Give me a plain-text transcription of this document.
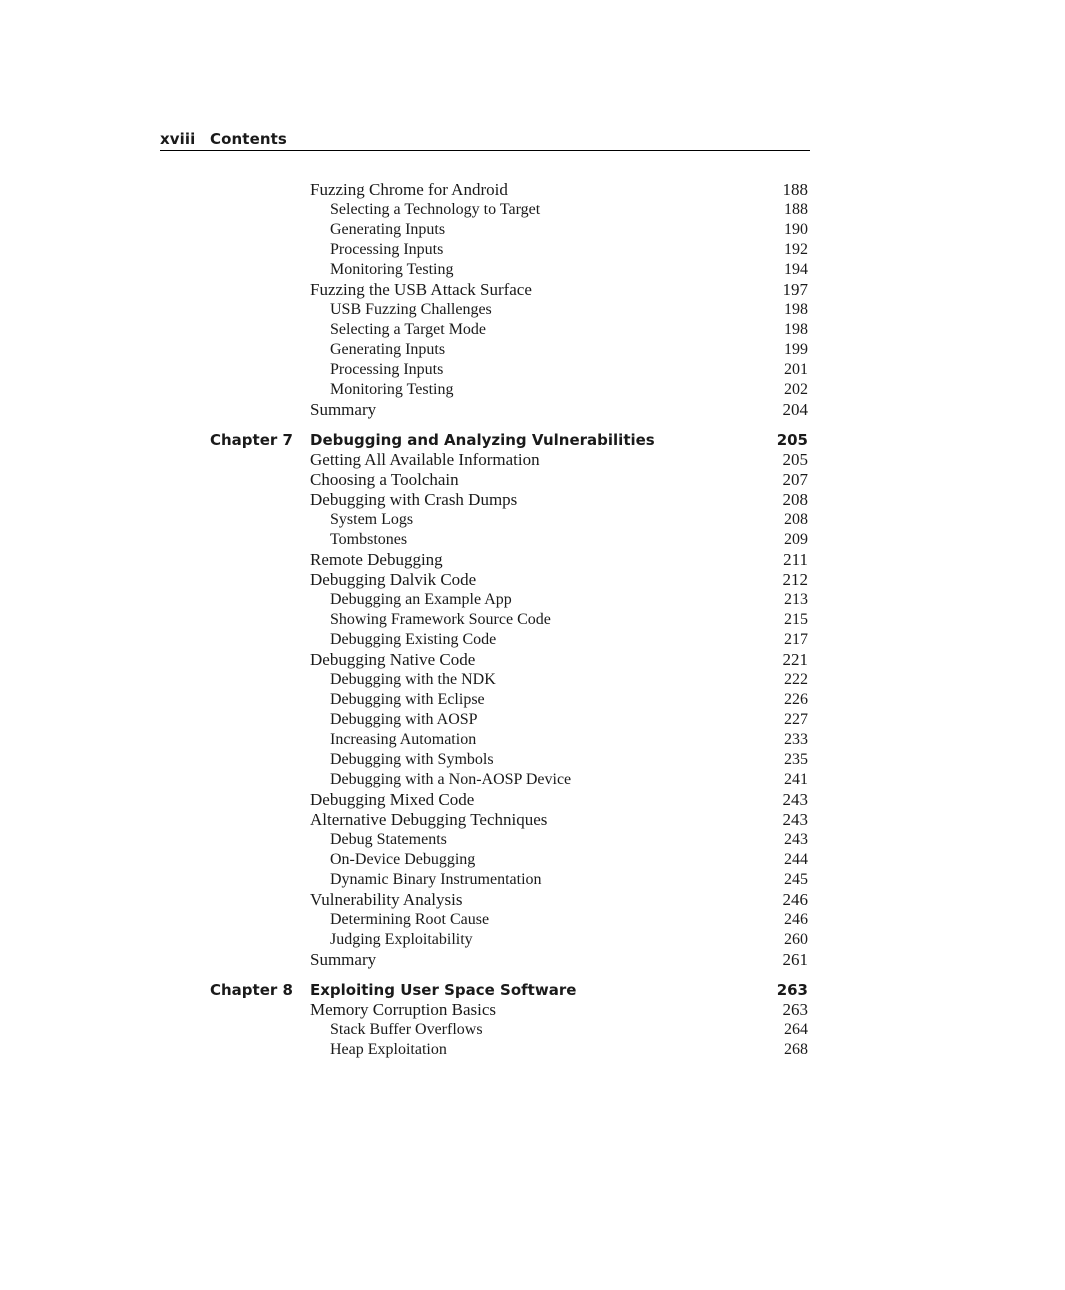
xviii Contents
Fuzzing Chrome for Android	188
Selecting a Technology to Target	188
Generating Inputs	190
Processing Inputs	192
Monitoring Testing	194
Fuzzing the USB Attack Surface	197
USB Fuzzing Challenges	198
Selecting a Target Mode	198
Generating Inputs	199
Processing Inputs	201
Monitoring Testing	202
Summary	204
Chapter 7 Debugging and Analyzing Vulnerabilities	205
Getting All Available Information	205
Choosing a Toolchain	207
Debugging with Crash Dumps	208
System Logs	208
Tombstones	209
Remote Debugging	211
Debugging Dalvik Code	212
Debugging an Example App	213
Showing Framework Source Code	215
Debugging Existing Code	217
Debugging Native Code	221
Debugging with the NDK	222
Debugging with Eclipse	226
Debugging with AOSP	227
Increasing Automation	233
Debugging with Symbols	235
Debugging with a Non-AOSP Device	241
Debugging Mixed Code	243
Alternative Debugging Techniques	243
Debug Statements	243
On-Device Debugging	244
Dynamic Binary Instrumentation	245
Vulnerability Analysis	246
Determining Root Cause	246
Judging Exploitability	260
Summary	261
Chapter 8 Exploiting User Space Software	263
Memory Corruption Basics	263
Stack Buffer Overflows	264
Heap Exploitation	268
